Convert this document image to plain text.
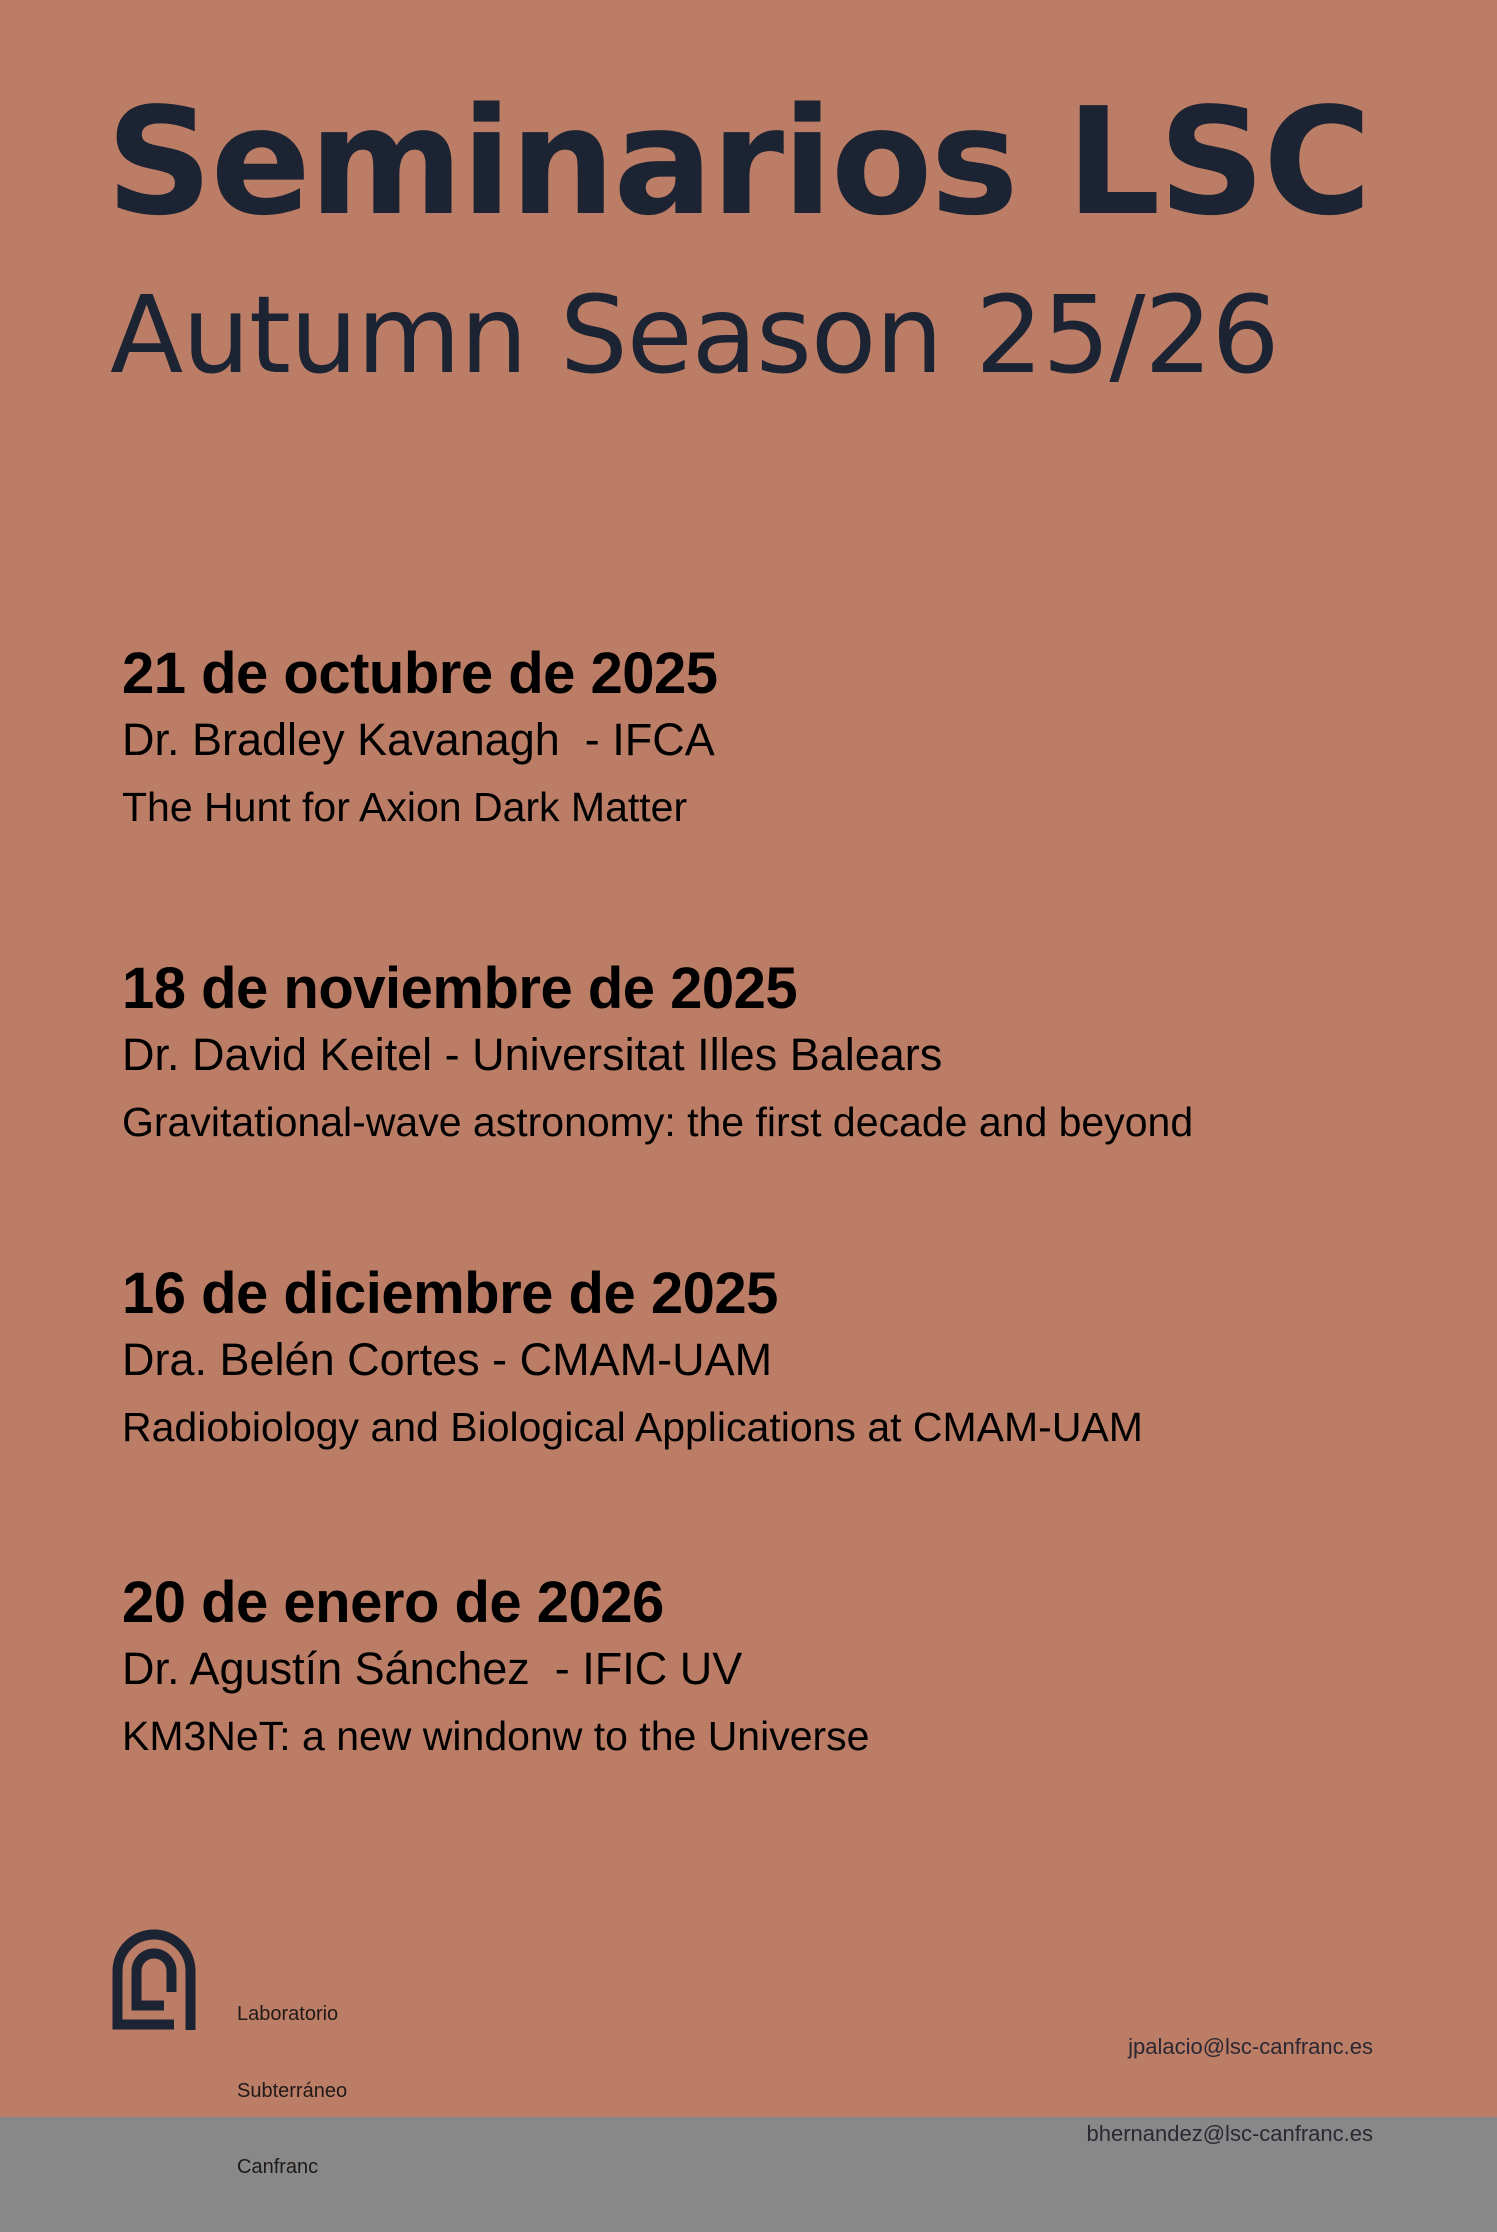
Seminarios LSC
Autumn Season 25/26
21 de octubre de 2025
Dr. Bradley Kavanagh  - IFCA
The Hunt for Axion Dark Matter
18 de noviembre de 2025
Dr. David Keitel - Universitat Illes Balears
Gravitational-wave astronomy: the first decade and beyond
16 de diciembre de 2025
Dra. Belén Cortes - CMAM-UAM
Radiobiology and Biological Applications at CMAM-UAM
20 de enero de 2026
Dr. Agustín Sánchez  - IFIC UV
KM3NeT: a new windonw to the Universe

Laboratorio

Subterráneo

Canfranc

jpalacio@lsc-canfranc.es

bhernandez@lsc-canfranc.es
